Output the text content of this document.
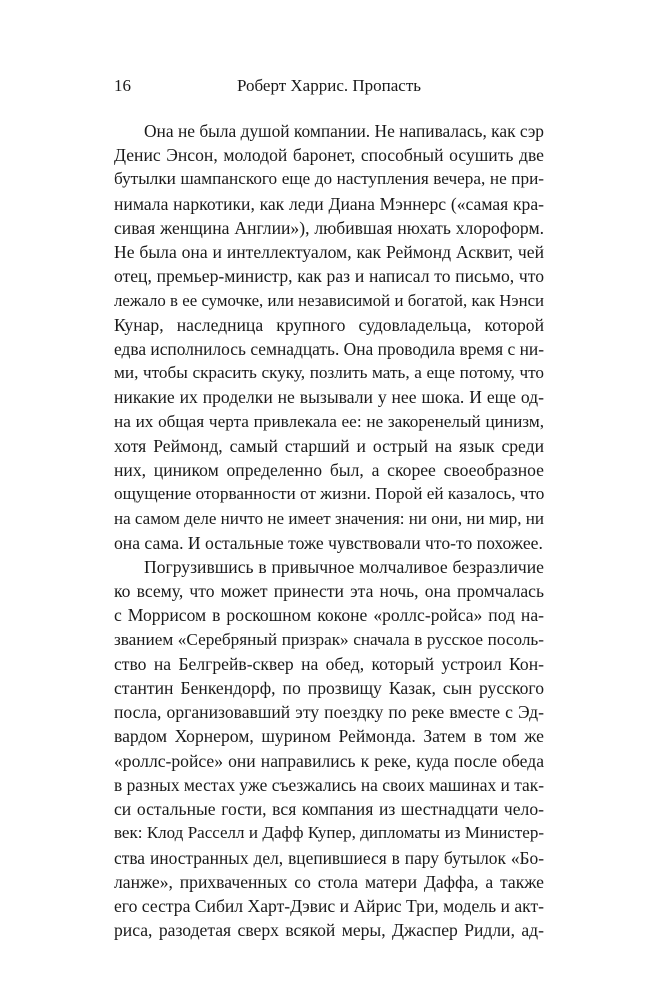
16	Роберт Харрис. Пропасть
Она не была душой компании. Не напивалась, как сэр
Денис Энсон, молодой баронет, способный осушить две
бутылки шампанского еще до наступления вечера, не при-
нимала наркотики, как леди Диана Мэннерс («самая кра-
сивая женщина Англии»), любившая нюхать хлороформ.
Не была она и интеллектуалом, как Реймонд Асквит, чей
отец, премьер-министр, как раз и написал то письмо, что
лежало в ее сумочке, или независимой и богатой, как Нэнси
Кунар, наследница крупного судовладельца, которой
едва исполнилось семнадцать. Она проводила время с ни-
ми, чтобы скрасить скуку, позлить мать, а еще потому, что
никакие их проделки не вызывали у нее шока. И еще од-
на их общая черта привлекала ее: не закоренелый цинизм,
хотя Реймонд, самый старший и острый на язык среди
них, циником определенно был, а скорее своеобразное
ощущение оторванности от жизни. Порой ей казалось, что
на самом деле ничто не имеет значения: ни они, ни мир, ни
она сама. И остальные тоже чувствовали что-то похожее.
Погрузившись в привычное молчаливое безразличие
ко всему, что может принести эта ночь, она промчалась
с Моррисом в роскошном коконе «роллс-ройса» под на-
званием «Серебряный призрак» сначала в русское посоль-
ство на Белгрейв-сквер на обед, который устроил Кон-
стантин Бенкендорф, по прозвищу Казак, сын русского
посла, организовавший эту поездку по реке вместе с Эд-
вардом Хорнером, шурином Реймонда. Затем в том же
«роллс-ройсе» они направились к реке, куда после обеда
в разных местах уже съезжались на своих машинах и так-
си остальные гости, вся компания из шестнадцати чело-
век: Клод Расселл и Дафф Купер, дипломаты из Министер-
ства иностранных дел, вцепившиеся в пару бутылок «Бо-
ланже», прихваченных со стола матери Даффа, а также
его сестра Сибил Харт-Дэвис и Айрис Три, модель и акт-
риса, разодетая сверх всякой меры, Джаспер Ридли, ад-
